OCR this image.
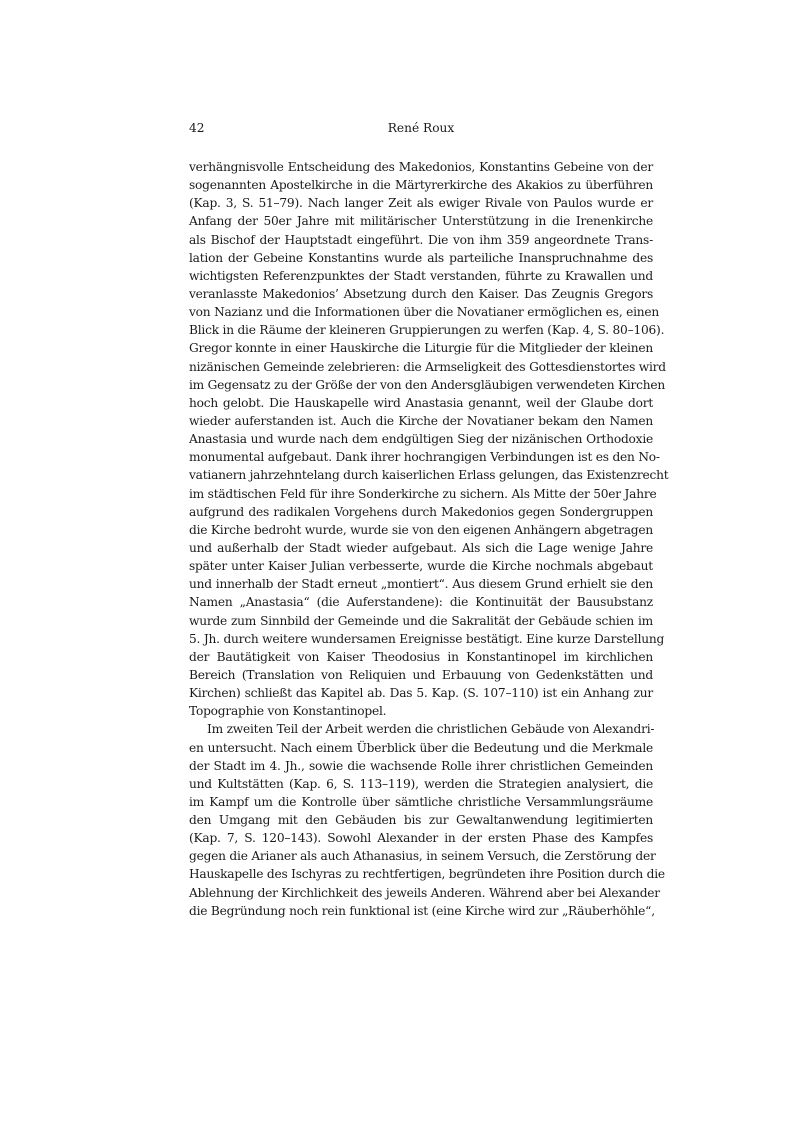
42	René Roux
verhängnisvolle Entscheidung des Makedonios, Konstantins Gebeine von der
sogenannten Apostelkirche in die Märtyrerkirche des Akakios zu überführen
(Kap. 3, S. 51–79). Nach langer Zeit als ewiger Rivale von Paulos wurde er
Anfang der 50er Jahre mit militärischer Unterstützung in die Irenenkirche
als Bischof der Hauptstadt eingeführt. Die von ihm 359 angeordnete Trans-
lation der Gebeine Konstantins wurde als parteiliche Inanspruchnahme des
wichtigsten Referenzpunktes der Stadt verstanden, führte zu Krawallen und
veranlasste Makedonios’ Absetzung durch den Kaiser. Das Zeugnis Gregors
von Nazianz und die Informationen über die Novatianer ermöglichen es, einen
Blick in die Räume der kleineren Gruppierungen zu werfen (Kap. 4, S. 80–106).
Gregor konnte in einer Hauskirche die Liturgie für die Mitglieder der kleinen
nizänischen Gemeinde zelebrieren: die Armseligkeit des Gottesdienstortes wird
im Gegensatz zu der Größe der von den Andersgläubigen verwendeten Kirchen
hoch gelobt. Die Hauskapelle wird Anastasia genannt, weil der Glaube dort
wieder auferstanden ist. Auch die Kirche der Novatianer bekam den Namen
Anastasia und wurde nach dem endgültigen Sieg der nizänischen Orthodoxie
monumental aufgebaut. Dank ihrer hochrangigen Verbindungen ist es den No-
vatianern jahrzehntelang durch kaiserlichen Erlass gelungen, das Existenzrecht
im städtischen Feld für ihre Sonderkirche zu sichern. Als Mitte der 50er Jahre
aufgrund des radikalen Vorgehens durch Makedonios gegen Sondergruppen
die Kirche bedroht wurde, wurde sie von den eigenen Anhängern abgetragen
und außerhalb der Stadt wieder aufgebaut. Als sich die Lage wenige Jahre
später unter Kaiser Julian verbesserte, wurde die Kirche nochmals abgebaut
und innerhalb der Stadt erneut „montiert“. Aus diesem Grund erhielt sie den
Namen „Anastasia“ (die Auferstandene): die Kontinuität der Bausubstanz
wurde zum Sinnbild der Gemeinde und die Sakralität der Gebäude schien im
5. Jh. durch weitere wundersamen Ereignisse bestätigt. Eine kurze Darstellung
der Bautätigkeit von Kaiser Theodosius in Konstantinopel im kirchlichen
Bereich (Translation von Reliquien und Erbauung von Gedenkstätten und
Kirchen) schließt das Kapitel ab. Das 5. Kap. (S. 107–110) ist ein Anhang zur
Topographie von Konstantinopel.
Im zweiten Teil der Arbeit werden die christlichen Gebäude von Alexandri-
en untersucht. Nach einem Überblick über die Bedeutung und die Merkmale
der Stadt im 4. Jh., sowie die wachsende Rolle ihrer christlichen Gemeinden
und Kultstätten (Kap. 6, S. 113–119), werden die Strategien analysiert, die
im Kampf um die Kontrolle über sämtliche christliche Versammlungsräume
den Umgang mit den Gebäuden bis zur Gewaltanwendung legitimierten
(Kap. 7, S. 120–143). Sowohl Alexander in der ersten Phase des Kampfes
gegen die Arianer als auch Athanasius, in seinem Versuch, die Zerstörung der
Hauskapelle des Ischyras zu rechtfertigen, begründeten ihre Position durch die
Ablehnung der Kirchlichkeit des jeweils Anderen. Während aber bei Alexander
die Begründung noch rein funktional ist (eine Kirche wird zur „Räuberhöhle“,
